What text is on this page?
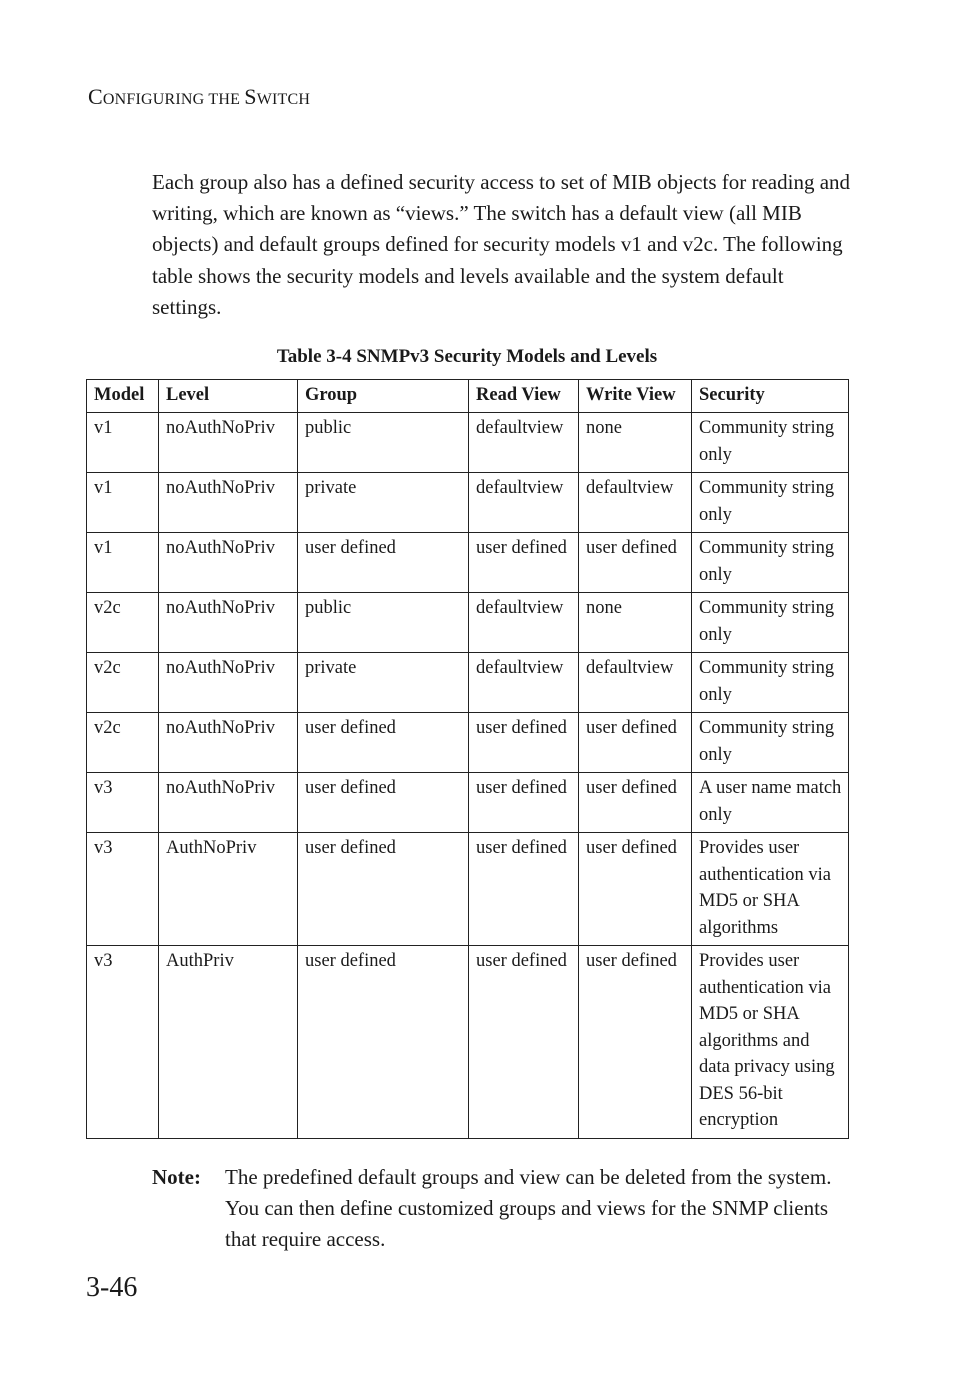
CONFIGURING THE SWITCH

Each group also has a defined security access to set of MIB objects for reading and writing, which are known as “views.” The switch has a default view (all MIB objects) and default groups defined for security models v1 and v2c. The following table shows the security models and levels available and the system default settings.

Table 3-4 SNMPv3 Security Models and Levels
Model	Level	Group	Read View	Write View	Security
v1	noAuthNoPriv	public	defaultview	none	Community string only
v1	noAuthNoPriv	private	defaultview	defaultview	Community string only
v1	noAuthNoPriv	user defined	user defined	user defined	Community string only
v2c	noAuthNoPriv	public	defaultview	none	Community string only
v2c	noAuthNoPriv	private	defaultview	defaultview	Community string only
v2c	noAuthNoPriv	user defined	user defined	user defined	Community string only
v3	noAuthNoPriv	user defined	user defined	user defined	A user name match only
v3	AuthNoPriv	user defined	user defined	user defined	Provides user authentication via MD5 or SHA algorithms
v3	AuthPriv	user defined	user defined	user defined	Provides user authentication via MD5 or SHA algorithms and data privacy using DES 56-bit encryption
Note: The predefined default groups and view can be deleted from the system. You can then define customized groups and views for the SNMP clients that require access.
3-46
